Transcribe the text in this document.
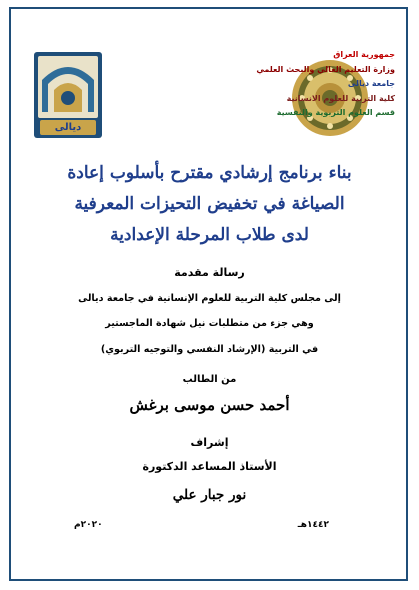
ديالى
جمهورية العراق
وزارة التعليم العالي والبحث العلمي
جامعة ديالى
كلية التربية للعلوم الانسانية
قسم العلوم التربوية والنفسية
بناء برنامج إرشادي مقترح بأسلوب إعادة
الصياغة في تخفيض التحيزات المعرفية
لدى طلاب المرحلة الإعدادية
رسالة مقدمة
إلى مجلس كلية التربية للعلوم الإنسانية في جامعة ديالى
وهي جزء من متطلبات نيل شهادة الماجستير
في التربية (الإرشاد النفسي والتوجيه التربوي)
من الطالب
أحمد حسن موسى برغش
إشراف
الأستاذ المساعد الدكتورة
نور جبار علي
١٤٤٢هـ
٢٠٢٠م
